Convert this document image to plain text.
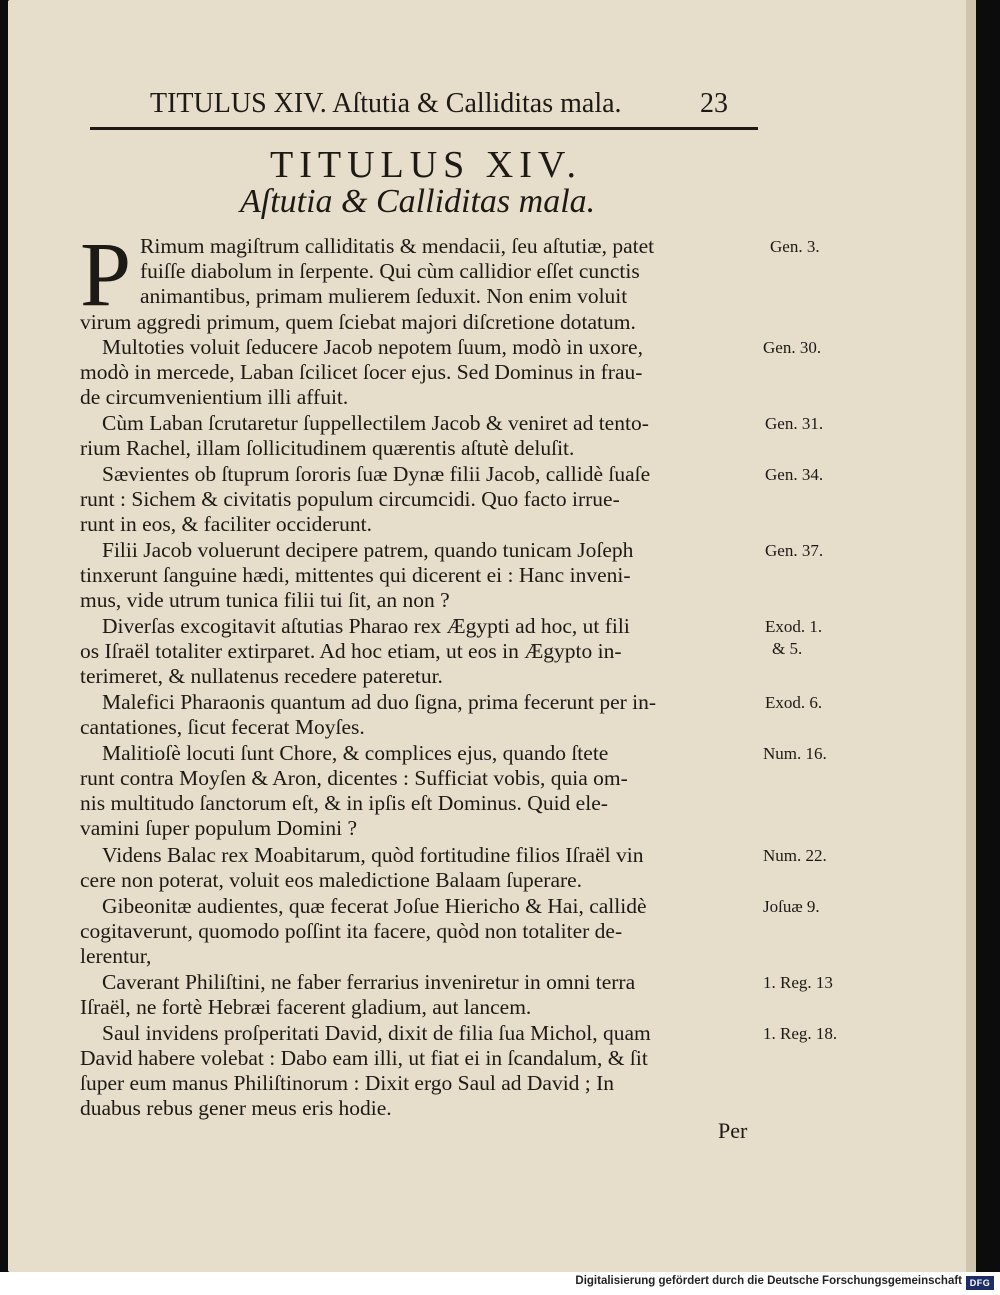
TITULUS XIV. Aſtutia & Calliditas mala.	23
TITULUS XIV.
Aſtutia & Calliditas mala.
P Rimum magiſtrum calliditatis & mendacii, ſeu aſtutiæ, patet
fuiſſe diabolum in ſerpente. Qui cùm callidior eſſet cunctis
animantibus, primam mulierem ſeduxit. Non enim voluit
virum aggredi primum, quem ſciebat majori diſcretione dotatum.
Multoties voluit ſeducere Jacob nepotem ſuum, modò in uxore,
modò in mercede, Laban ſcilicet ſocer ejus. Sed Dominus in frau-
de circumvenientium illi affuit.
Cùm Laban ſcrutaretur ſuppellectilem Jacob & veniret ad tento-
rium Rachel, illam ſollicitudinem quærentis aſtutè deluſit.
Sævientes ob ſtuprum ſororis ſuæ Dynæ filii Jacob, callidè ſuaſe
runt : Sichem & civitatis populum circumcidi. Quo facto irrue-
runt in eos, & faciliter occiderunt.
Filii Jacob voluerunt decipere patrem, quando tunicam Joſeph
tinxerunt ſanguine hædi, mittentes qui dicerent ei : Hanc inveni-
mus, vide utrum tunica filii tui ſit, an non ?
Diverſas excogitavit aſtutias Pharao rex Ægypti ad hoc, ut fili
os Iſraël totaliter extirparet. Ad hoc etiam, ut eos in Ægypto in-
terimeret, & nullatenus recedere pateretur.
Malefici Pharaonis quantum ad duo ſigna, prima fecerunt per in-
cantationes, ſicut fecerat Moyſes.
Malitioſè locuti ſunt Chore, & complices ejus, quando ſtete
runt contra Moyſen & Aron, dicentes : Sufficiat vobis, quia om-
nis multitudo ſanctorum eſt, & in ipſis eſt Dominus. Quid ele-
vamini ſuper populum Domini ?
Videns Balac rex Moabitarum, quòd fortitudine filios Iſraël vin
cere non poterat, voluit eos maledictione Balaam ſuperare.
Gibeonitæ audientes, quæ fecerat Joſue Hiericho & Hai, callidè
cogitaverunt, quomodo poſſint ita facere, quòd non totaliter de-
lerentur,
Caverant Philiſtini, ne faber ferrarius inveniretur in omni terra
Iſraël, ne fortè Hebræi facerent gladium, aut lancem.
Saul invidens proſperitati David, dixit de filia ſua Michol, quam
David habere volebat : Dabo eam illi, ut fiat ei in ſcandalum, & ſit
ſuper eum manus Philiſtinorum : Dixit ergo Saul ad David ; In
duabus rebus gener meus eris hodie.
Gen. 3.
Gen. 30.
Gen. 31.
Gen. 34.
Gen. 37.
Exod. 1.
& 5.
Exod. 6.
Num. 16.
Num. 22.
Joſuæ 9.
1. Reg. 13
1. Reg. 18.
Per
Digitalisierung gefördert durch die Deutsche Forschungsgemeinschaft DFG
